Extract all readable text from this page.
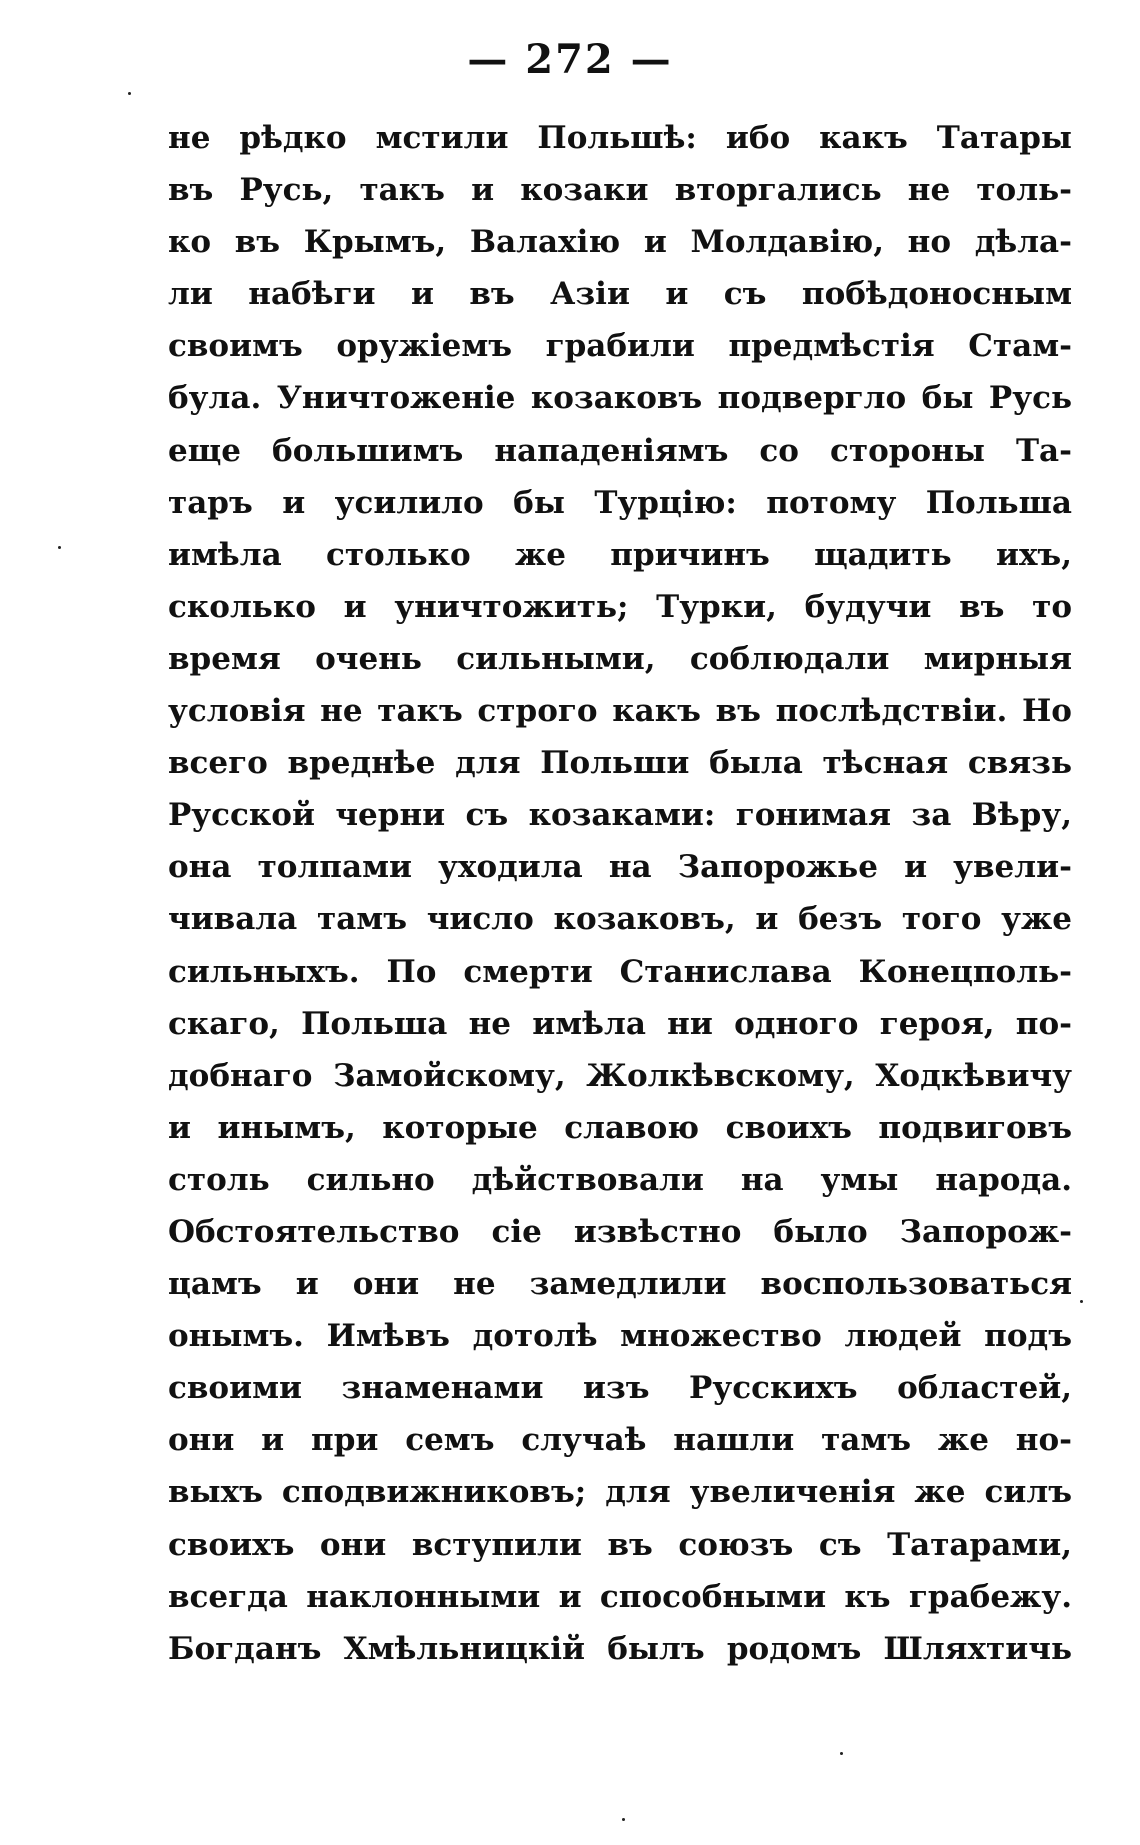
— 272 —
не рѣдко мстили Польшѣ: ибо какъ Татары
въ Русь, такъ и козаки вторгались не толь-
ко въ Крымъ, Валахію и Молдавію, но дѣла-
ли набѣги и въ Азіи и съ побѣдоносным
своимъ оружіемъ грабили предмѣстія Стам-
була. Уничтоженіе козаковъ подвергло бы Русь
еще большимъ нападеніямъ со стороны Та-
таръ и усилило бы Турцію: потому Польша
имѣла столько же причинъ щадить ихъ,
сколько и уничтожить; Турки, будучи въ то
время очень сильными, соблюдали мирныя
условія не такъ строго какъ въ послѣдствіи. Но
всего вреднѣе для Польши была тѣсная связь
Русской черни съ козаками: гонимая за Вѣру,
она толпами уходила на Запорожье и увели-
чивала тамъ число козаковъ, и безъ того уже
сильныхъ. По смерти Станислава Конецполь-
скаго, Польша не имѣла ни одного героя, по-
добнаго Замойскому, Жолкѣвскому, Ходкѣвичу
и инымъ, которые славою своихъ подвиговъ
столь сильно дѣйствовали на умы народа.
Обстоятельство сіе извѣстно было Запорож-
цамъ и они не замедлили воспользоваться
онымъ. Имѣвъ дотолѣ множество людей подъ
своими знаменами изъ Русскихъ областей,
они и при семъ случаѣ нашли тамъ же но-
выхъ сподвижниковъ; для увеличенія же силъ
своихъ они вступили въ союзъ съ Татарами,
всегда наклонными и способными къ грабежу.
Богданъ Хмѣльницкій былъ родомъ Шляхтичь
